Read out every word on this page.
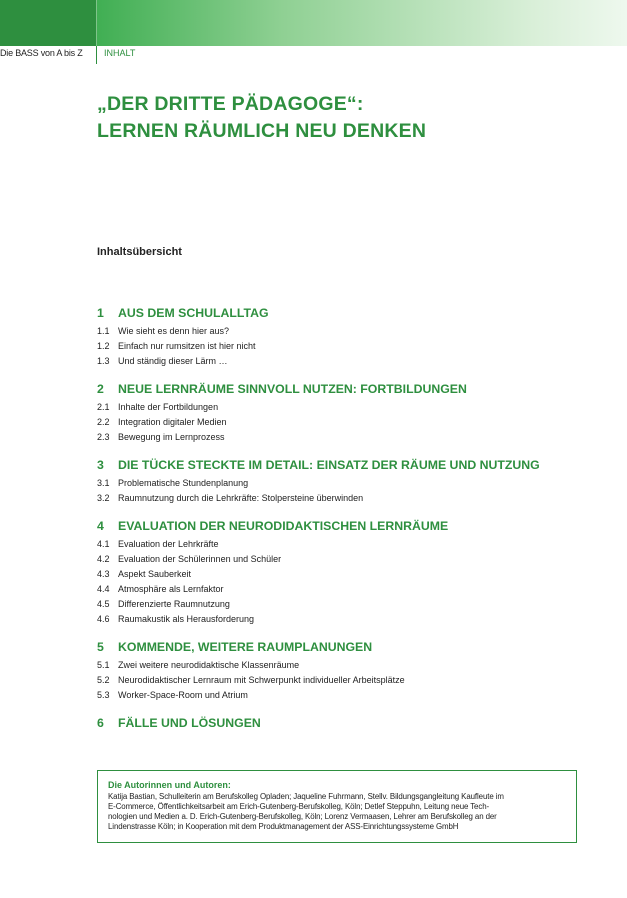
Die BASS von A bis Z INHALT
„DER DRITTE PÄDAGOGE“:
LERNEN RÄUMLICH NEU DENKEN
Inhaltsübersicht
1 AUS DEM SCHULALLTAG
1.1 Wie sieht es denn hier aus?
1.2 Einfach nur rumsitzen ist hier nicht
1.3 Und ständig dieser Lärm …
2 NEUE LERNRÄUME SINNVOLL NUTZEN: FORTBILDUNGEN
2.1 Inhalte der Fortbildungen
2.2 Integration digitaler Medien
2.3 Bewegung im Lernprozess
3 DIE TÜCKE STECKTE IM DETAIL: EINSATZ DER RÄUME UND NUTZUNG
3.1 Problematische Stundenplanung
3.2 Raumnutzung durch die Lehrkräfte: Stolpersteine überwinden
4 EVALUATION DER NEURODIDAKTISCHEN LERNRÄUME
4.1 Evaluation der Lehrkräfte
4.2 Evaluation der Schülerinnen und Schüler
4.3 Aspekt Sauberkeit
4.4 Atmosphäre als Lernfaktor
4.5 Differenzierte Raumnutzung
4.6 Raumakustik als Herausforderung
5 KOMMENDE, WEITERE RAUMPLANUNGEN
5.1 Zwei weitere neurodidaktische Klassenräume
5.2 Neurodidaktischer Lernraum mit Schwerpunkt individueller Arbeitsplätze
5.3 Worker-Space-Room und Atrium
6 FÄLLE UND LÖSUNGEN
Die Autorinnen und Autoren:
Katija Bastian, Schulleiterin am Berufskolleg Opladen; Jaqueline Fuhrmann, Stellv. Bildungsgangleitung Kaufleute im
E-Commerce, Öffentlichkeitsarbeit am Erich-Gutenberg-Berufskolleg, Köln; Detlef Steppuhn, Leitung neue Tech-
nologien und Medien a. D. Erich-Gutenberg-Berufskolleg, Köln; Lorenz Vermaasen, Lehrer am Berufskolleg an der
Lindenstrasse Köln; in Kooperation mit dem Produktmanagement der ASS-Einrichtungssysteme GmbH
